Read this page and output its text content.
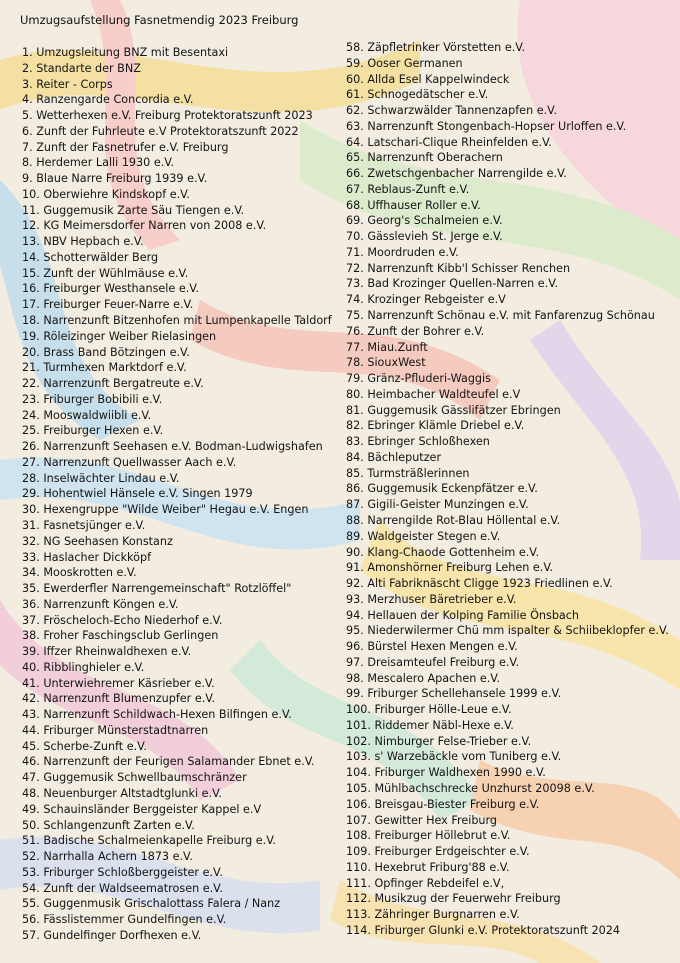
Umzugsaufstellung Fasnetmendig 2023 Freiburg
1. Umzugsleitung BNZ mit Besentaxi
2. Standarte der BNZ
3. Reiter - Corps
4. Ranzengarde Concordia e.V.
5. Wetterhexen e.V. Freiburg Protektoratszunft 2023
6. Zunft der Fuhrleute e.V Protektoratszunft 2022
7. Zunft der Fasnetrufer e.V. Freiburg
8. Herdemer Lalli 1930 e.V.
9. Blaue Narre Freiburg 1939 e.V.
10. Oberwiehre Kindskopf e.V.
11. Guggemusik Zarte Säu Tiengen e.V.
12. KG Meimersdorfer Narren von 2008 e.V.
13. NBV Hepbach e.V.
14. Schotterwälder Berg
15. Zunft der Wühlmäuse e.V.
16. Freiburger Westhansele e.V.
17. Freiburger Feuer-Narre e.V.
18. Narrenzunft Bitzenhofen mit Lumpenkapelle Taldorf
19. Röleizinger Weiber Rielasingen
20. Brass Band Bötzingen e.V.
21. Turmhexen Marktdorf e.V.
22. Narrenzunft Bergatreute e.V.
23. Friburger Bobibili e.V.
24. Mooswaldwiibli e.V.
25. Freiburger Hexen e.V.
26. Narrenzunft Seehasen e.V. Bodman-Ludwigshafen
27. Narrenzunft Quellwasser Aach e.V.
28. Inselwächter Lindau e.V.
29. Hohentwiel Hänsele e.V. Singen 1979
30. Hexengruppe "Wilde Weiber" Hegau e.V. Engen
31. Fasnetsjünger e.V.
32. NG Seehasen Konstanz
33. Haslacher Dickköpf
34. Mooskrotten e.V.
35. Ewerderfler Narrengemeinschaft" Rotzlöffel"
36. Narrenzunft Köngen e.V.
37. Fröscheloch-Echo Niederhof e.V.
38. Froher Faschingsclub Gerlingen
39. Iffzer Rheinwaldhexen e.V.
40. Ribblinghieler e.V.
41. Unterwiehremer Käsrieber e.V.
42. Narrenzunft Blumenzupfer e.V.
43. Narrenzunft Schildwach-Hexen Bilfingen e.V.
44. Friburger Münsterstadtnarren
45. Scherbe-Zunft e.V.
46. Narrenzunft der Feurigen Salamander Ebnet e.V.
47. Guggemusik Schwellbaumschränzer
48. Neuenburger Altstadtglunki e.V.
49. Schauinsländer Berggeister Kappel e.V
50. Schlangenzunft Zarten e.V.
51. Badische Schalmeienkapelle Freiburg e.V.
52. Narrhalla Achern 1873 e.V.
53. Friburger Schloßberggeister e.V.
54. Zunft der Waldseematrosen e.V.
55. Guggenmusik Grischalottass Falera / Nanz
56. Fässlistemmer Gundelfingen e.V.
57. Gundelfinger Dorfhexen e.V.
58. Zäpfletrinker Vörstetten e.V.
59. Ooser Germanen
60. Allda Esel Kappelwindeck
61. Schnogedätscher e.V.
62. Schwarzwälder Tannenzapfen e.V.
63. Narrenzunft Stongenbach-Hopser Urloffen e.V.
64. Latschari-Clique Rheinfelden e.V.
65. Narrenzunft Oberachern
66. Zwetschgenbacher Narrengilde e.V.
67. Reblaus-Zunft e.V.
68. Uffhauser Roller e.V.
69. Georg's Schalmeien e.V.
70. Gässlevieh St. Jerge e.V.
71. Moordruden e.V.
72. Narrenzunft Kibb'l Schisser Renchen
73. Bad Krozinger Quellen-Narren e.V.
74. Krozinger Rebgeister e.V
75. Narrenzunft Schönau e.V. mit Fanfarenzug Schönau
76. Zunft der Bohrer e.V.
77. Miau.Zunft
78. SiouxWest
79. Gränz-Pfluderi-Waggis
80. Heimbacher Waldteufel e.V
81. Guggemusik Gässlifätzer Ebringen
82. Ebringer Klämle Driebel e.V.
83. Ebringer Schloßhexen
84. Bächleputzer
85. Turmsträßlerinnen
86. Guggemusik Eckenpfätzer e.V.
87. Gigili-Geister Munzingen e.V.
88. Narrengilde Rot-Blau Höllental e.V.
89. Waldgeister Stegen e.V.
90. Klang-Chaode Gottenheim e.V.
91. Amonshörner Freiburg Lehen e.V.
92. Alti Fabriknäscht Cligge 1923 Friedlinen e.V.
93. Merzhuser Bäretrieber e.V.
94. Hellauen der Kolping Familie Önsbach
95. Niederwilermer Chü mm ispalter & Schiibeklopfer e.V.
96. Bürstel Hexen Mengen e.V.
97. Dreisamteufel Freiburg e.V.
98. Mescalero Apachen e.V.
99. Friburger Schellehansele 1999 e.V.
100. Friburger Hölle-Leue e.V.
101. Riddemer Näbl-Hexe e.V.
102. Nimburger Felse-Trieber e.V.
103. s' Warzebäckle vom Tuniberg e.V.
104. Friburger Waldhexen 1990 e.V.
105. Mühlbachschrecke Unzhurst 20098 e.V.
106. Breisgau-Biester Freiburg e.V.
107. Gewitter Hex Freiburg
108. Freiburger Höllebrut e.V.
109. Freiburger Erdgeischter e.V.
110. Hexebrut Friburg'88 e.V.
111. Opfinger Rebdeifel e.V,
112. Musikzug der Feuerwehr Freiburg
113. Zähringer Burgnarren e.V.
114. Friburger Glunki e.V. Protektoratszunft 2024
